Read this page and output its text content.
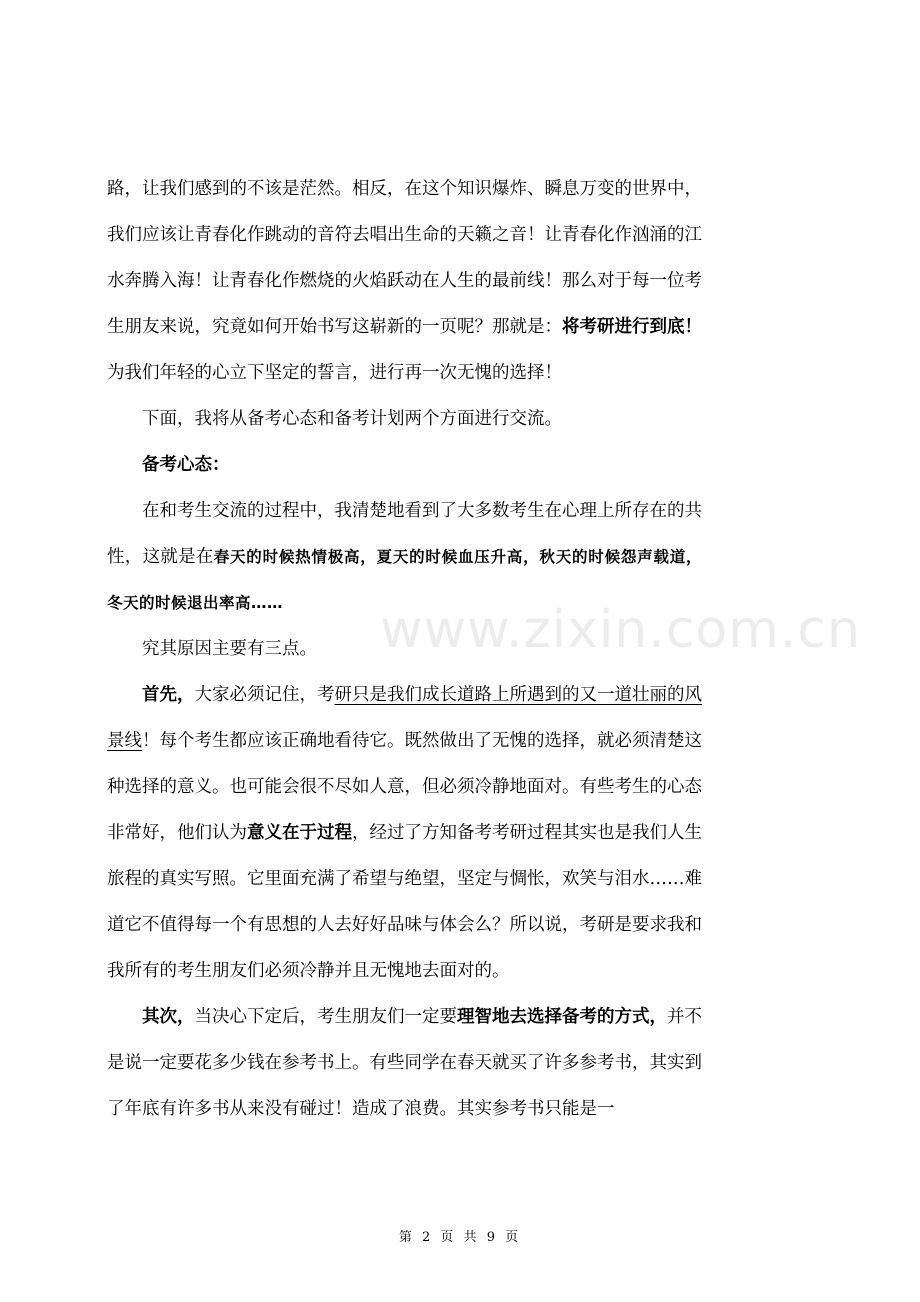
www.zixin.com.cn

路，让我们感到的不该是茫然。相反，在这个知识爆炸、瞬息万变的世界中，我们应该让青春化作跳动的音符去唱出生命的天籁之音！让青春化作汹涌的江水奔腾入海！让青春化作燃烧的火焰跃动在人生的最前线！那么对于每一位考生朋友来说，究竟如何开始书写这崭新的一页呢？那就是：将考研进行到底！为我们年轻的心立下坚定的誓言，进行再一次无愧的选择！

下面，我将从备考心态和备考计划两个方面进行交流。

备考心态：

在和考生交流的过程中，我清楚地看到了大多数考生在心理上所存在的共性，这就是在春天的时候热情极高，夏天的时候血压升高，秋天的时候怨声载道，冬天的时候退出率高……

究其原因主要有三点。

首先，大家必须记住，考研只是我们成长道路上所遇到的又一道壮丽的风景线！每个考生都应该正确地看待它。既然做出了无愧的选择，就必须清楚这种选择的意义。也可能会很不尽如人意，但必须冷静地面对。有些考生的心态非常好，他们认为意义在于过程，经过了方知备考考研过程其实也是我们人生旅程的真实写照。它里面充满了希望与绝望，坚定与惆怅，欢笑与泪水……难道它不值得每一个有思想的人去好好品味与体会么？所以说，考研是要求我和我所有的考生朋友们必须冷静并且无愧地去面对的。

其次，当决心下定后，考生朋友们一定要理智地去选择备考的方式，并不是说一定要花多少钱在参考书上。有些同学在春天就买了许多参考书，其实到了年底有许多书从来没有碰过！造成了浪费。其实参考书只能是一

第 2 页 共 9 页
